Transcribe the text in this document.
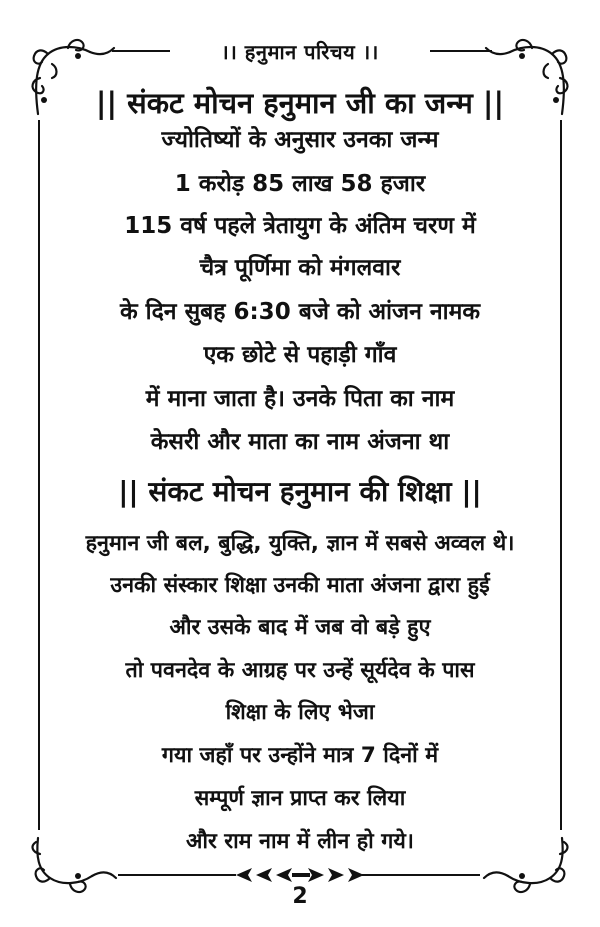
।। हनुमान परिचय ।।
|| संकट मोचन हनुमान जी का जन्म ||
ज्योतिष्यों के अनुसार उनका जन्म
1 करोड़ 85 लाख 58 हजार
115 वर्ष पहले त्रेतायुग के अंतिम चरण में
चैत्र पूर्णिमा को मंगलवार
के दिन सुबह 6:30 बजे को आंजन नामक
एक छोटे से पहाड़ी गाँव
में माना जाता है। उनके पिता का नाम
केसरी और माता का नाम अंजना था
|| संकट मोचन हनुमान की शिक्षा ||
हनुमान जी बल, बुद्धि, युक्ति, ज्ञान में सबसे अव्वल थे।
उनकी संस्कार शिक्षा उनकी माता अंजना द्वारा हुई
और उसके बाद में जब वो बड़े हुए
तो पवनदेव के आग्रह पर उन्हें सूर्यदेव के पास
शिक्षा के लिए भेजा
गया जहाँ पर उन्होंने मात्र 7 दिनों में
सम्पूर्ण ज्ञान प्राप्त कर लिया
और राम नाम में लीन हो गये।
2
